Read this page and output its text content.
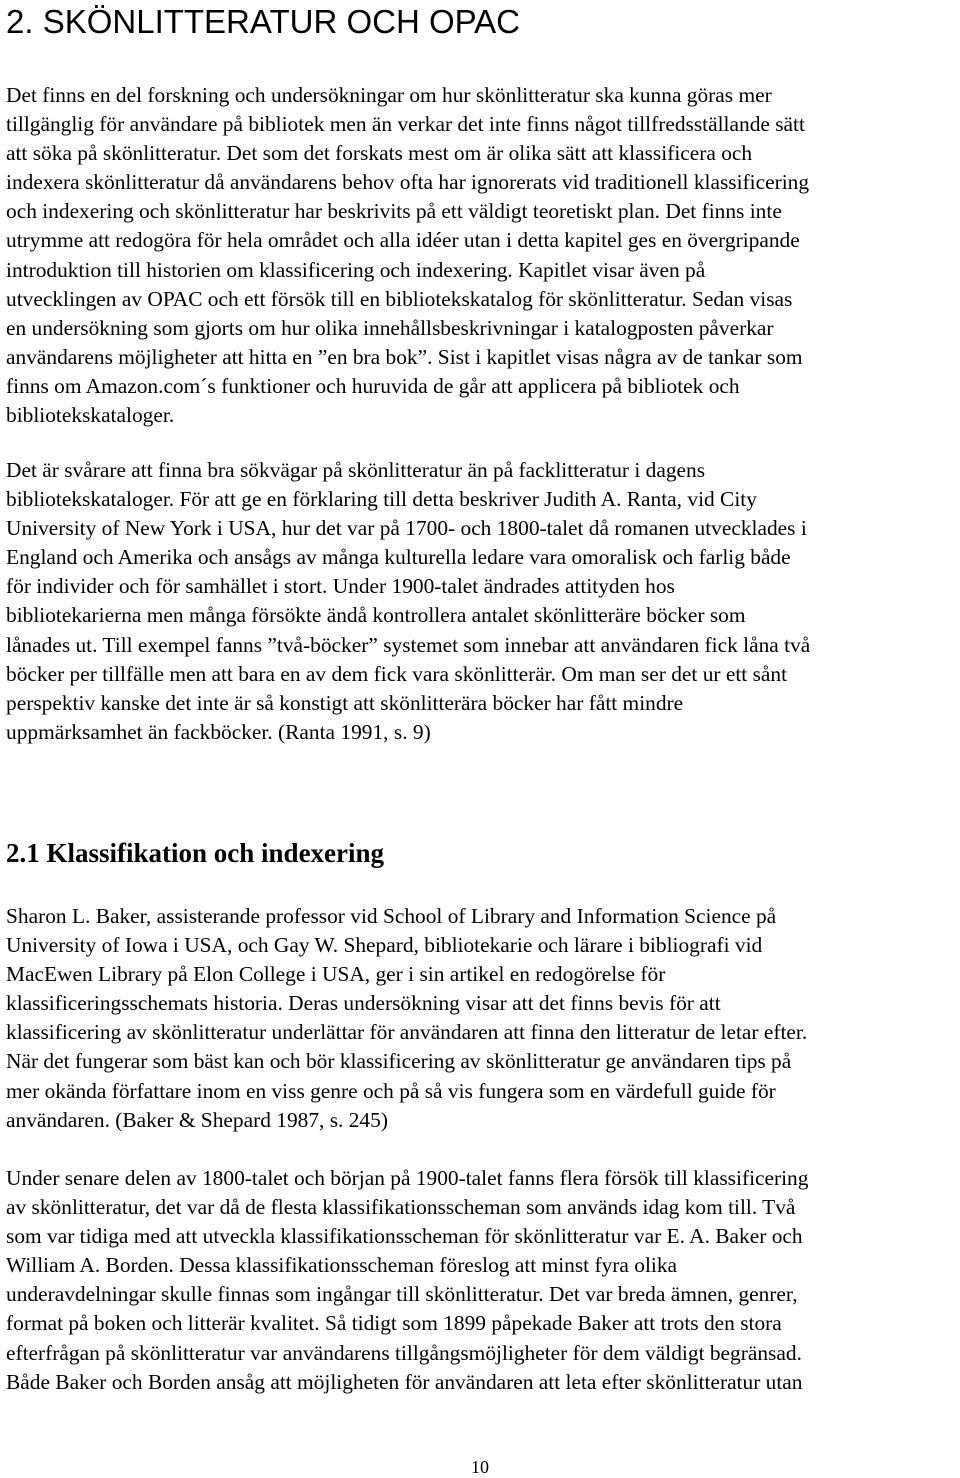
2. SKÖNLITTERATUR OCH OPAC
Det finns en del forskning och undersökningar om hur skönlitteratur ska kunna göras mer
tillgänglig för användare på bibliotek men än verkar det inte finns något tillfredsställande sätt
att söka på skönlitteratur. Det som det forskats mest om är olika sätt att klassificera och
indexera skönlitteratur då användarens behov ofta har ignorerats vid traditionell klassificering
och indexering och skönlitteratur har beskrivits på ett väldigt teoretiskt plan. Det finns inte
utrymme att redogöra för hela området och alla idéer utan i detta kapitel ges en övergripande
introduktion till historien om klassificering och indexering. Kapitlet visar även på
utvecklingen av OPAC och ett försök till en bibliotekskatalog för skönlitteratur. Sedan visas
en undersökning som gjorts om hur olika innehållsbeskrivningar i katalogposten påverkar
användarens möjligheter att hitta en ”en bra bok”. Sist i kapitlet visas några av de tankar som
finns om Amazon.com´s funktioner och huruvida de går att applicera på bibliotek och
bibliotekskataloger.
Det är svårare att finna bra sökvägar på skönlitteratur än på facklitteratur i dagens
bibliotekskataloger. För att ge en förklaring till detta beskriver Judith A. Ranta, vid City
University of New York i USA, hur det var på 1700- och 1800-talet då romanen utvecklades i
England och Amerika och ansågs av många kulturella ledare vara omoralisk och farlig både
för individer och för samhället i stort. Under 1900-talet ändrades attityden hos
bibliotekarierna men många försökte ändå kontrollera antalet skönlitteräre böcker som
lånades ut. Till exempel fanns ”två-böcker” systemet som innebar att användaren fick låna två
böcker per tillfälle men att bara en av dem fick vara skönlitterär. Om man ser det ur ett sånt
perspektiv kanske det inte är så konstigt att skönlitterära böcker har fått mindre
uppmärksamhet än fackböcker. (Ranta 1991, s. 9)
2.1 Klassifikation och indexering
Sharon L. Baker, assisterande professor vid School of Library and Information Science på
University of Iowa i USA, och Gay W. Shepard, bibliotekarie och lärare i bibliografi vid
MacEwen Library på Elon College i USA, ger i sin artikel en redogörelse för
klassificeringsschemats historia. Deras undersökning visar att det finns bevis för att
klassificering av skönlitteratur underlättar för användaren att finna den litteratur de letar efter.
När det fungerar som bäst kan och bör klassificering av skönlitteratur ge användaren tips på
mer okända författare inom en viss genre och på så vis fungera som en värdefull guide för
användaren. (Baker & Shepard 1987, s. 245)
Under senare delen av 1800-talet och början på 1900-talet fanns flera försök till klassificering
av skönlitteratur, det var då de flesta klassifikationsscheman som används idag kom till. Två
som var tidiga med att utveckla klassifikationsscheman för skönlitteratur var E. A. Baker och
William A. Borden. Dessa klassifikationsscheman föreslog att minst fyra olika
underavdelningar skulle finnas som ingångar till skönlitteratur. Det var breda ämnen, genrer,
format på boken och litterär kvalitet. Så tidigt som 1899 påpekade Baker att trots den stora
efterfrågan på skönlitteratur var användarens tillgångsmöjligheter för dem väldigt begränsad.
Både Baker och Borden ansåg att möjligheten för användaren att leta efter skönlitteratur utan
10
